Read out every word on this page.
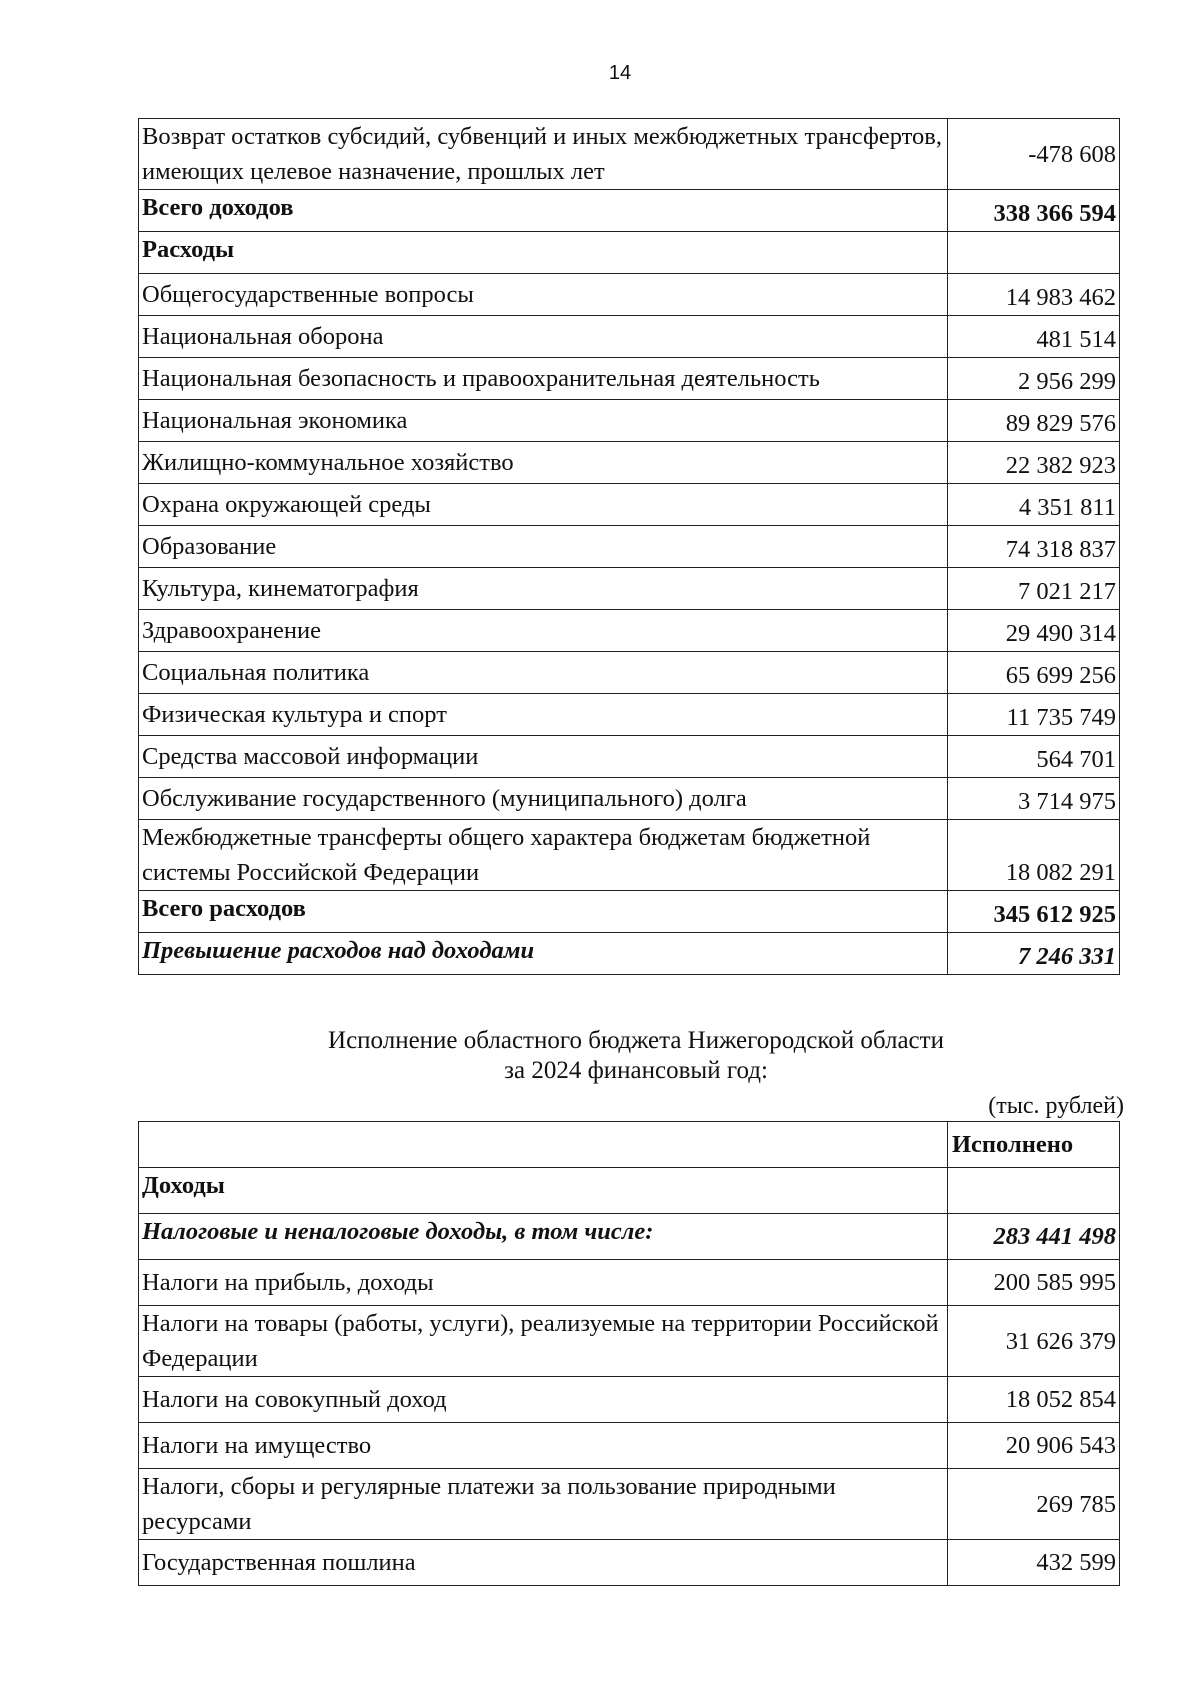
14
Возврат остатков субсидий, субвенций и иных межбюджетных трансфертов, имеющих целевое назначение, прошлых лет	-478 608
Всего доходов	338 366 594
Расходы	
Общегосударственные вопросы	14 983 462
Национальная оборона	481 514
Национальная безопасность и правоохранительная деятельность	2 956 299
Национальная экономика	89 829 576
Жилищно-коммунальное хозяйство	22 382 923
Охрана окружающей среды	4 351 811
Образование	74 318 837
Культура, кинематография	7 021 217
Здравоохранение	29 490 314
Социальная политика	65 699 256
Физическая культура и спорт	11 735 749
Средства массовой информации	564 701
Обслуживание государственного (муниципального) долга	3 714 975
Межбюджетные трансферты общего характера бюджетам бюджетной системы Российской Федерации	18 082 291
Всего расходов	345 612 925
Превышение расходов над доходами	7 246 331
Исполнение областного бюджета Нижегородской области
за 2024 финансовый год:
(тыс. рублей)
	Исполнено
Доходы	
Налоговые и неналоговые доходы, в том числе:	283 441 498
Налоги на прибыль, доходы	200 585 995
Налоги на товары (работы, услуги), реализуемые на территории Российской Федерации	31 626 379
Налоги на совокупный доход	18 052 854
Налоги на имущество	20 906 543
Налоги, сборы и регулярные платежи за пользование природными ресурсами	269 785
Государственная пошлина	432 599
